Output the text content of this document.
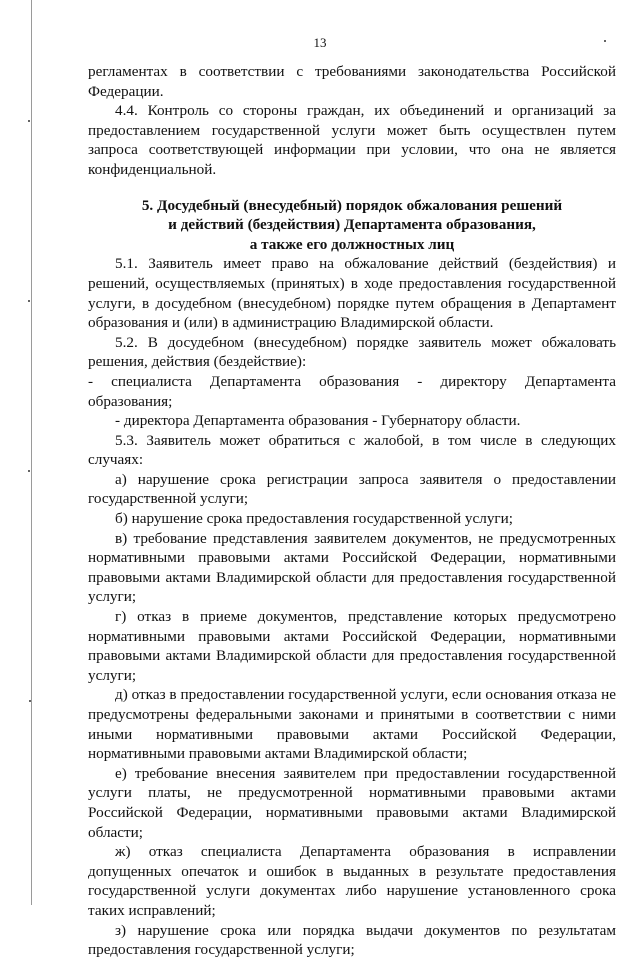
13

регламентах в соответствии с требованиями законодательства Российской Федерации.

4.4. Контроль со стороны граждан, их объединений и организаций за предоставлением государственной услуги может быть осуществлен путем запроса соответствующей информации при условии, что она не является конфиденциальной.

5. Досудебный (внесудебный) порядок обжалования решений
и действий (бездействия) Департамента образования,
а также его должностных лиц

5.1. Заявитель имеет право на обжалование действий (бездействия) и решений, осуществляемых (принятых) в ходе предоставления государственной услуги, в досудебном (внесудебном) порядке путем обращения в Департамент образования и (или) в администрацию Владимирской области.

5.2. В досудебном (внесудебном) порядке заявитель может обжаловать решения, действия (бездействие):

- специалиста Департамента образования - директору Департамента образования;

- директора Департамента образования - Губернатору области.

5.3. Заявитель может обратиться с жалобой, в том числе в следующих случаях:

а) нарушение срока регистрации запроса заявителя о предоставлении государственной услуги;

б) нарушение срока предоставления государственной услуги;

в) требование представления заявителем документов, не предусмотренных нормативными правовыми актами Российской Федерации, нормативными правовыми актами Владимирской области для предоставления государственной услуги;

г) отказ в приеме документов, представление которых предусмотрено нормативными правовыми актами Российской Федерации, нормативными правовыми актами Владимирской области для предоставления государственной услуги;

д) отказ в предоставлении государственной услуги, если основания отказа не предусмотрены федеральными законами и принятыми в соответствии с ними иными нормативными правовыми актами Российской Федерации, нормативными правовыми актами Владимирской области;

е) требование внесения заявителем при предоставлении государственной услуги платы, не предусмотренной нормативными правовыми актами Российской Федерации, нормативными правовыми актами Владимирской области;

ж) отказ специалиста Департамента образования в исправлении допущенных опечаток и ошибок в выданных в результате предоставления государственной услуги документах либо нарушение установленного срока таких исправлений;

з) нарушение срока или порядка выдачи документов по результатам предоставления государственной услуги;
